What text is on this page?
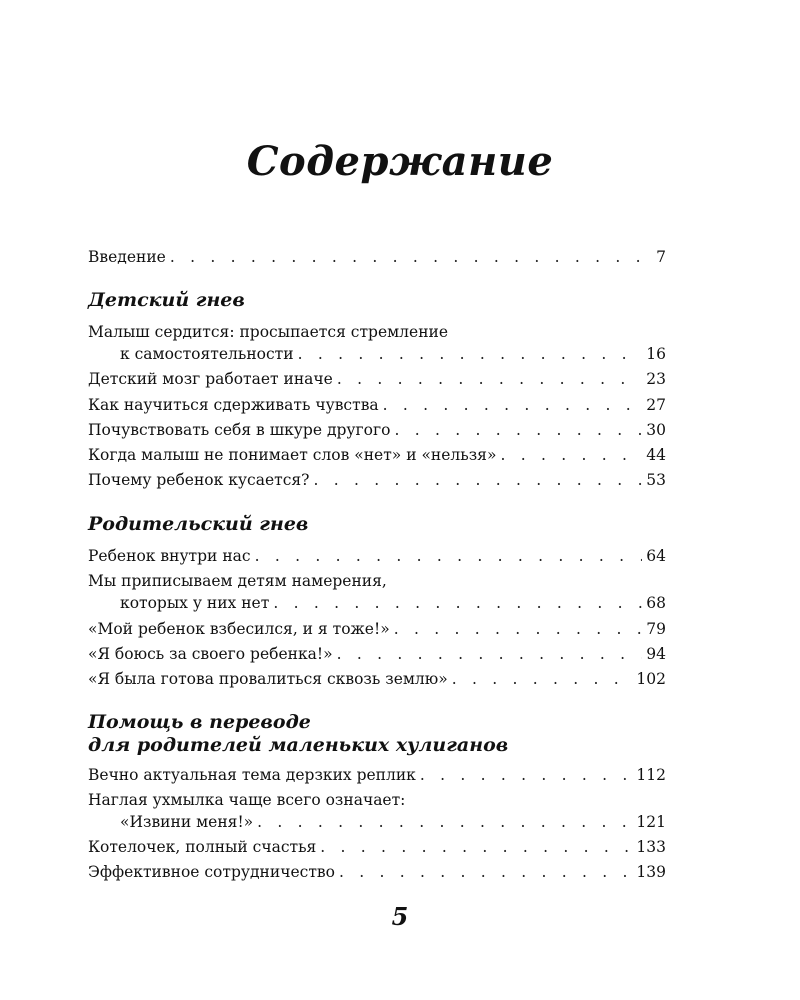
Содержание
Введение . . .	7
Детский гнев
Малыш сердится: просыпается стремление
к самостоятельности . . .	16
Детский мозг работает иначе . . .	23
Как научиться сдерживать чувства . . .	27
Почувствовать себя в шкуре другого . . .	30
Когда малыш не понимает слов «нет» и «нельзя» . . .	44
Почему ребенок кусается? . . .	53
Родительский гнев
Ребенок внутри нас . . .	64
Мы приписываем детям намерения,
которых у них нет . . .	68
«Мой ребенок взбесился, и я тоже!» . . .	79
«Я боюсь за своего ребенка!» . . .	94
«Я была готова провалиться сквозь землю» . . .	102
Помощь в переводе
для родителей маленьких хулиганов
Вечно актуальная тема дерзких реплик . . .	112
Наглая ухмылка чаще всего означает:
«Извини меня!» . . .	121
Котелочек, полный счастья . . .	133
Эффективное сотрудничество . . .	139
5
